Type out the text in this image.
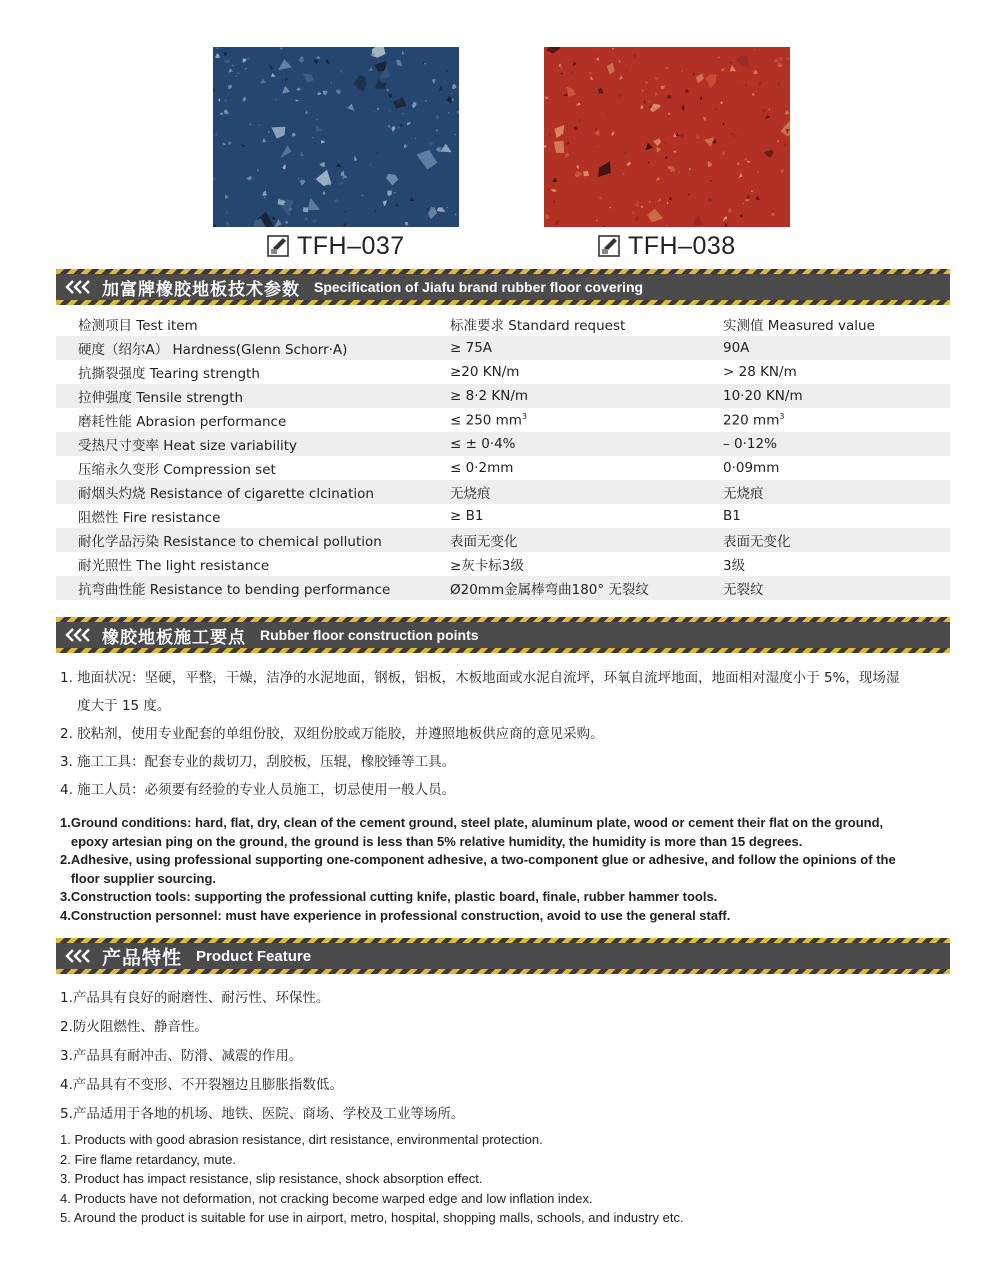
TFH–037	TFH–038
加富牌橡胶地板技术参数 Specification of Jiafu brand rubber floor covering
检测项目 Test item	标准要求 Standard request	实测值 Measured value
硬度（绍尔A） Hardness(Glenn Schorr·A)	≥ 75A	90A
抗撕裂强度 Tearing strength	≥20 KN/m	> 28 KN/m
拉伸强度 Tensile strength	≥ 8·2 KN/m	10·20 KN/m
磨耗性能 Abrasion performance	≤ 250 $mm^3$	220 $mm^3$
受热尺寸变率 Heat size variability	≤ ± 0·4%	– 0·12%
压缩永久变形 Compression set	≤ 0·2mm	0·09mm
耐烟头灼烧 Resistance of cigarette clcination	无烧痕	无烧痕
阻燃性 Fire resistance	≥ B1	B1
耐化学品污染 Resistance to chemical pollution	表面无变化	表面无变化
耐光照性 The light resistance	≥灰卡标3级	3级
抗弯曲性能 Resistance to bending performance	Ø20mm金属棒弯曲180° 无裂纹	无裂纹
橡胶地板施工要点 Rubber floor construction points
1. 地面状况：坚硬，平整，干燥，洁净的水泥地面，钢板，铝板，木板地面或水泥自流坪，环氧自流坪地面，地面相对湿度小于 5%，现场湿
度大于 15 度。
2. 胶粘剂，使用专业配套的单组份胶，双组份胶或万能胶，并遵照地板供应商的意见采购。
3. 施工工具：配套专业的裁切刀，刮胶板，压辊，橡胶锤等工具。
4. 施工人员：必须要有经验的专业人员施工，切忌使用一般人员。
1.Ground conditions: hard, flat, dry, clean of the cement ground, steel plate, aluminum plate, wood or cement their flat on the ground,
epoxy artesian ping on the ground, the ground is less than 5% relative humidity, the humidity is more than 15 degrees.
2.Adhesive, using professional supporting one-component adhesive, a two-component glue or adhesive, and follow the opinions of the
floor supplier sourcing.
3.Construction tools: supporting the professional cutting knife, plastic board, finale, rubber hammer tools.
4.Construction personnel: must have experience in professional construction, avoid to use the general staff.
产品特性 Product Feature
1.产品具有良好的耐磨性、耐污性、环保性。
2.防火阻燃性、静音性。
3.产品具有耐冲击、防滑、减震的作用。
4.产品具有不变形、不开裂翘边且膨胀指数低。
5.产品适用于各地的机场、地铁、医院、商场、学校及工业等场所。
1. Products with good abrasion resistance, dirt resistance, environmental protection.
2. Fire flame retardancy, mute.
3. Product has impact resistance, slip resistance, shock absorption effect.
4. Products have not deformation, not cracking become warped edge and low inflation index.
5. Around the product is suitable for use in airport, metro, hospital, shopping malls, schools, and industry etc.
